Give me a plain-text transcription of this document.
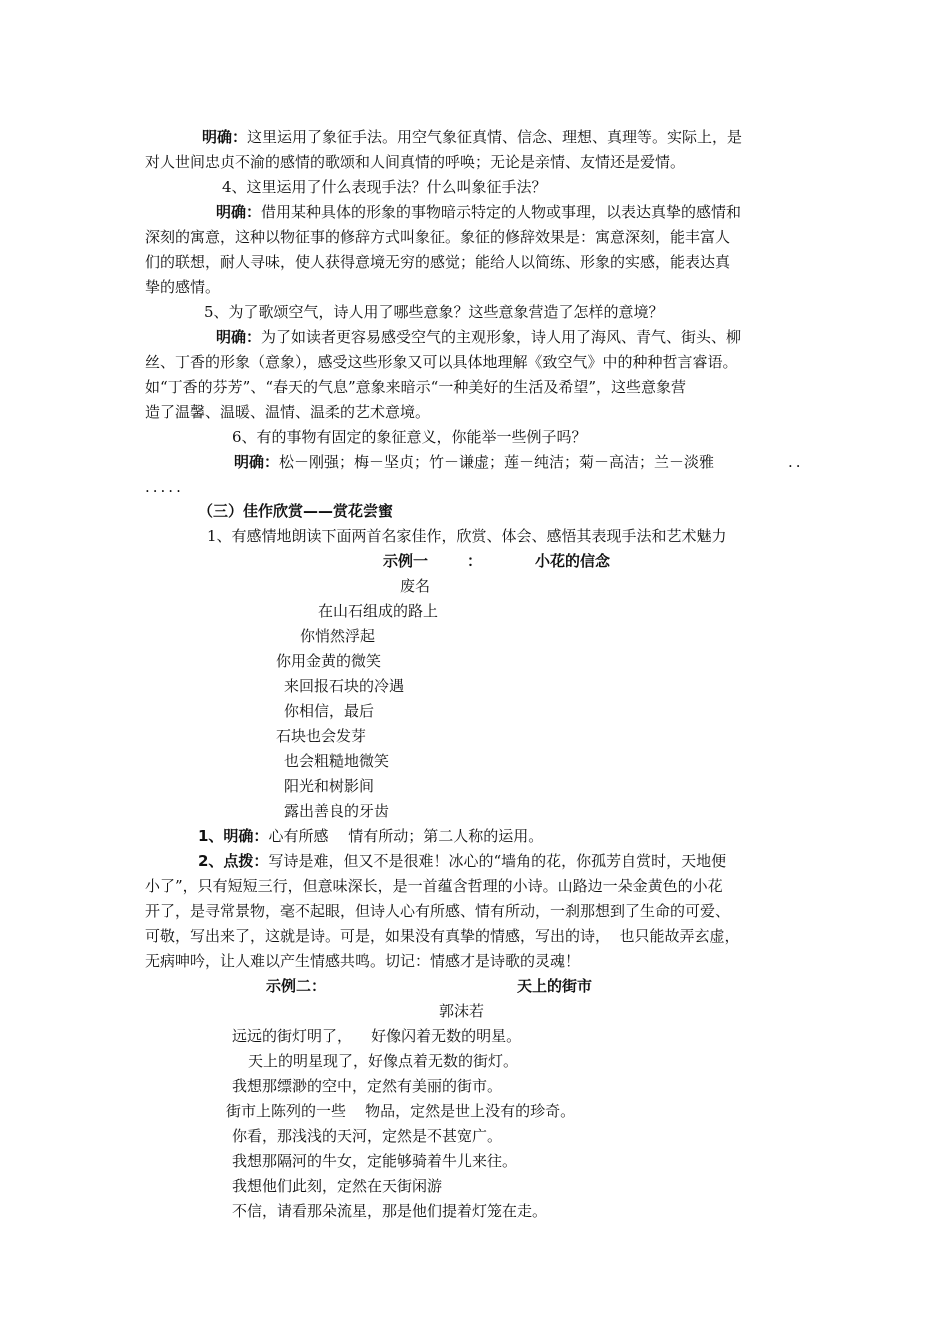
明确：这里运用了象征手法。用空气象征真情、信念、理想、真理等。实际上，是
对人世间忠贞不渝的感情的歌颂和人间真情的呼唤；无论是亲情、友情还是爱情。
4、这里运用了什么表现手法？什么叫象征手法？
明确：借用某种具体的形象的事物暗示特定的人物或事理，以表达真挚的感情和
深刻的寓意，这种以物征事的修辞方式叫象征。象征的修辞效果是：寓意深刻，能丰富人
们的联想，耐人寻味，使人获得意境无穷的感觉；能给人以简练、形象的实感，能表达真
挚的感情。
5、为了歌颂空气，诗人用了哪些意象？这些意象营造了怎样的意境？
明确：为了如读者更容易感受空气的主观形象，诗人用了海风、青气、街头、柳
丝、丁香的形象（意象），感受这些形象又可以具体地理解《致空气》中的种种哲言睿语。
如“丁香的芬芳”、“春天的气息”意象来暗示“一种美好的生活及希望”，这些意象营
造了温馨、温暖、温情、温柔的艺术意境。
6、有的事物有固定的象征意义，你能举一些例子吗？
明确：松－刚强；梅－坚贞；竹－谦虚；莲－纯洁；菊－高洁；兰－淡雅	..
.....
（三）佳作欣赏——赏花尝蜜
1、有感情地朗读下面两首名家佳作，欣赏、体会、感悟其表现手法和艺术魅力
示例一	：	小花的信念
废名
在山石组成的路上
你悄然浮起
你用金黄的微笑
来回报石块的冷遇
你相信，最后
石块也会发芽
也会粗糙地微笑
阳光和树影间
露出善良的牙齿
1、明确：心有所感　 情有所动；第二人称的运用。
2、点拨：写诗是难，但又不是很难！冰心的“墙角的花，你孤芳自赏时，天地便
小了”，只有短短三行，但意味深长，是一首蕴含哲理的小诗。山路边一朵金黄色的小花
开了，是寻常景物，毫不起眼，但诗人心有所感、情有所动，一刹那想到了生命的可爱、
可敬，写出来了，这就是诗。可是，如果没有真挚的情感，写出的诗，  也只能故弄玄虚，
无病呻吟，让人难以产生情感共鸣。切记：情感才是诗歌的灵魂！
示例二：	天上的街市
郭沫若
远远的街灯明了，    好像闪着无数的明星。
天上的明星现了，好像点着无数的街灯。
我想那缥渺的空中，定然有美丽的街市。
街市上陈列的一些    物品，定然是世上没有的珍奇。
你看，那浅浅的天河，定然是不甚宽广。
我想那隔河的牛女，定能够骑着牛儿来往。
我想他们此刻，定然在天街闲游
不信，请看那朵流星，那是他们提着灯笼在走。
